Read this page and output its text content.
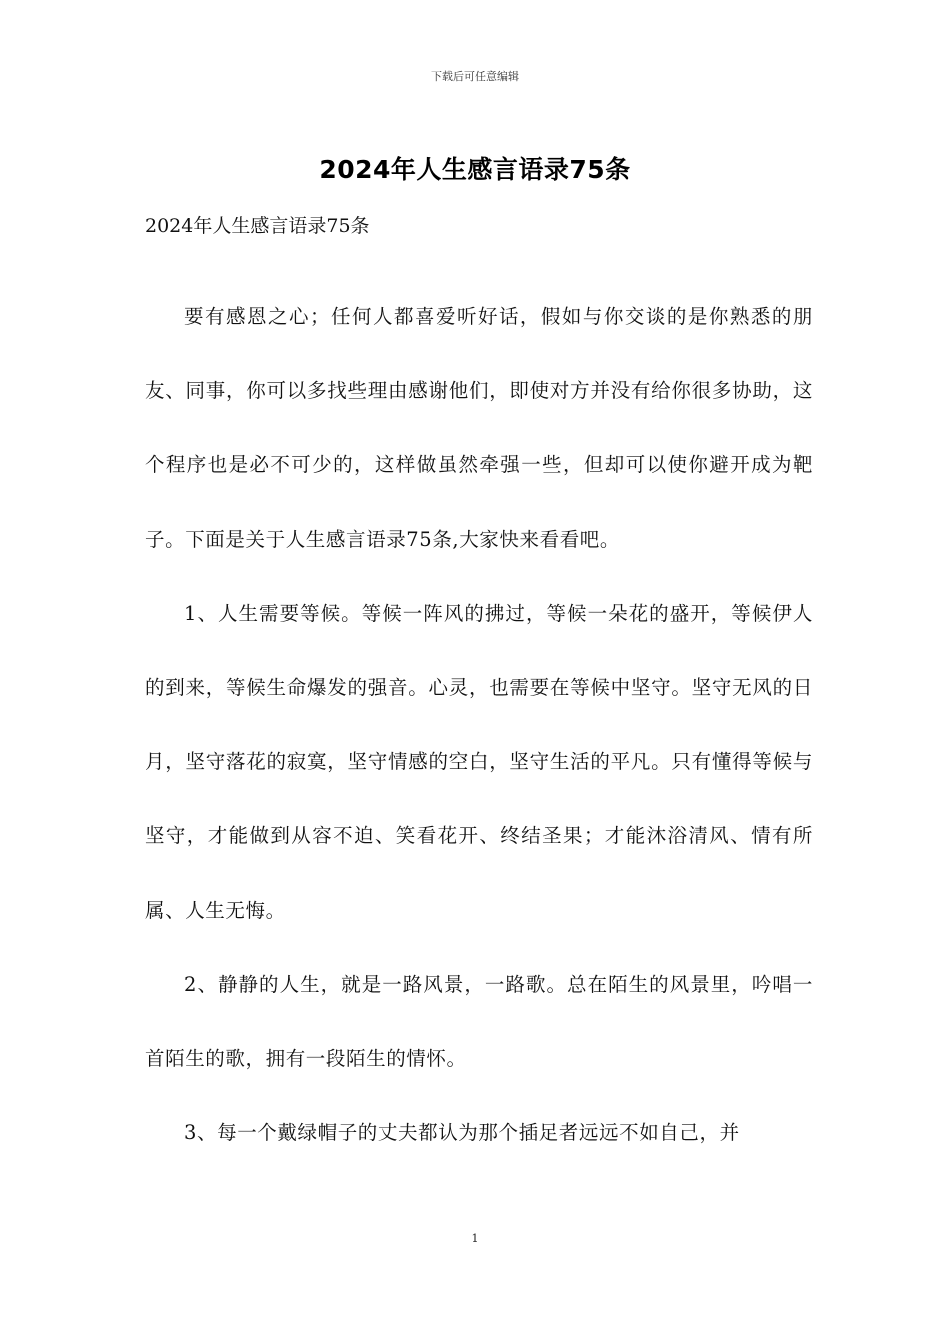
下载后可任意编辑
2024年人生感言语录75条
2024年人生感言语录75条

要有感恩之心；任何人都喜爱听好话，假如与你交谈的是你熟悉的朋友、同事，你可以多找些理由感谢他们，即使对方并没有给你很多协助，这个程序也是必不可少的，这样做虽然牵强一些，但却可以使你避开成为靶子。下面是关于人生感言语录75条,大家快来看看吧。

1、人生需要等候。等候一阵风的拂过，等候一朵花的盛开，等候伊人的到来，等候生命爆发的强音。心灵，也需要在等候中坚守。坚守无风的日月，坚守落花的寂寞，坚守情感的空白，坚守生活的平凡。只有懂得等候与坚守，才能做到从容不迫、笑看花开、终结圣果；才能沐浴清风、情有所属、人生无悔。

2、静静的人生，就是一路风景，一路歌。总在陌生的风景里，吟唱一首陌生的歌，拥有一段陌生的情怀。

3、每一个戴绿帽子的丈夫都认为那个插足者远远不如自己，并

1
